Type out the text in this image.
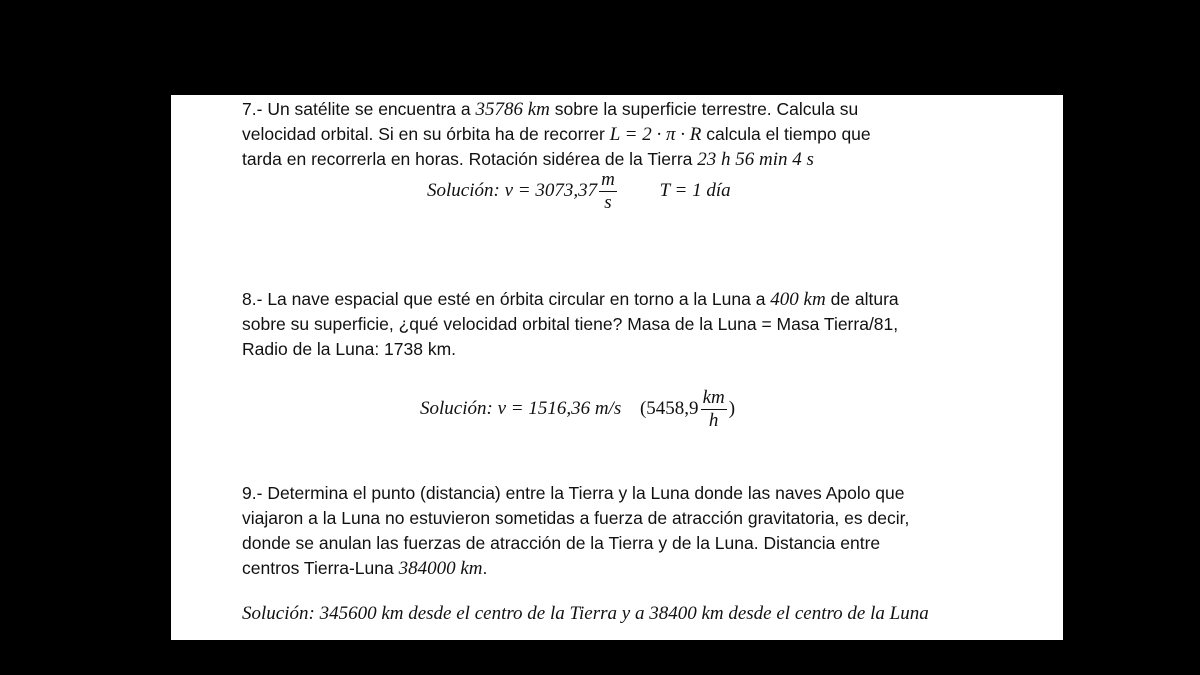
7.- Un satélite se encuentra a 35786 km sobre la superficie terrestre. Calcula su
velocidad orbital. Si en su órbita ha de recorrer L = 2 · π · R calcula el tiempo que
tarda en recorrerla en horas. Rotación sidérea de la Tierra 23 h 56 min 4 s
Solución: $v = 3073,37 \frac{m}{s}$ T = 1 día
8.- La nave espacial que esté en órbita circular en torno a la Luna a 400 km de altura
sobre su superficie, ¿qué velocidad orbital tiene? Masa de la Luna = Masa Tierra/81,
Radio de la Luna: 1738 km.
Solución: v = 1516,36 m/s ($5458,9 \frac{km}{h}$ )
9.- Determina el punto (distancia) entre la Tierra y la Luna donde las naves Apolo que
viajaron a la Luna no estuvieron sometidas a fuerza de atracción gravitatoria, es decir,
donde se anulan las fuerzas de atracción de la Tierra y de la Luna. Distancia entre
centros Tierra-Luna 384000 km.
Solución: 345600 km desde el centro de la Tierra y a 38400 km desde el centro de la Luna
